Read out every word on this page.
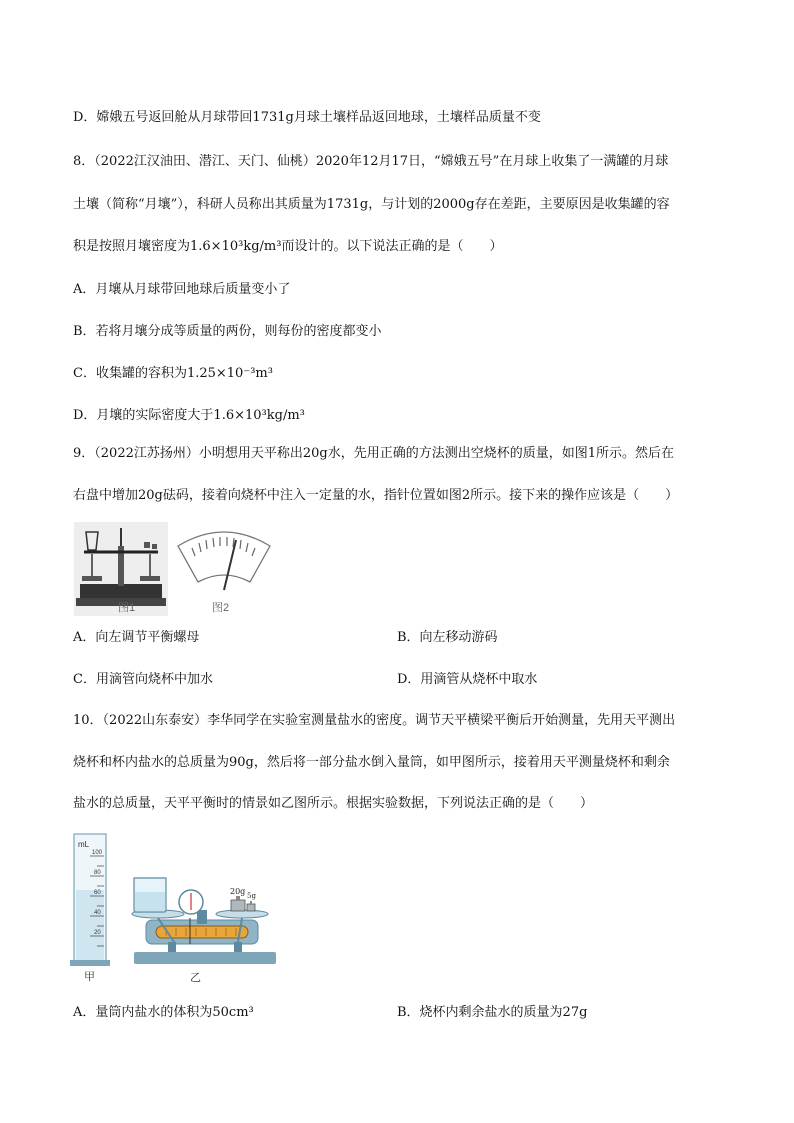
D．嫦娥五号返回舱从月球带回1731g月球土壤样品返回地球，土壤样品质量不变
8．（2022江汉油田、潜江、天门、仙桃）2020年12月17日，“嫦娥五号”在月球上收集了一满罐的月球
土壤（简称“月壤”），科研人员称出其质量为1731g，与计划的2000g存在差距，主要原因是收集罐的容
积是按照月壤密度为1.6×10³kg/m³而设计的。以下说法正确的是（　　）
A．月壤从月球带回地球后质量变小了
B．若将月壤分成等质量的两份，则每份的密度都变小
C．收集罐的容积为1.25×10⁻³m³
D．月壤的实际密度大于1.6×10³kg/m³
9．（2022江苏扬州）小明想用天平称出20g水，先用正确的方法测出空烧杯的质量，如图1所示。然后在
右盘中增加20g砝码，接着向烧杯中注入一定量的水，指针位置如图2所示。接下来的操作应该是（　　）
图1	图2
A．向左调节平衡螺母	B．向左移动游码
C．用滴管向烧杯中加水	D．用滴管从烧杯中取水
10．（2022山东泰安）李华同学在实验室测量盐水的密度。调节天平横梁平衡后开始测量，先用天平测出
烧杯和杯内盐水的总质量为90g，然后将一部分盐水倒入量筒，如甲图所示，接着用天平测量烧杯和剩余
盐水的总质量，天平平衡时的情景如乙图所示。根据实验数据，下列说法正确的是（　　）
mL
100
80
60
40
20
甲
20g 5g
乙
A．量筒内盐水的体积为50cm³	B．烧杯内剩余盐水的质量为27g
